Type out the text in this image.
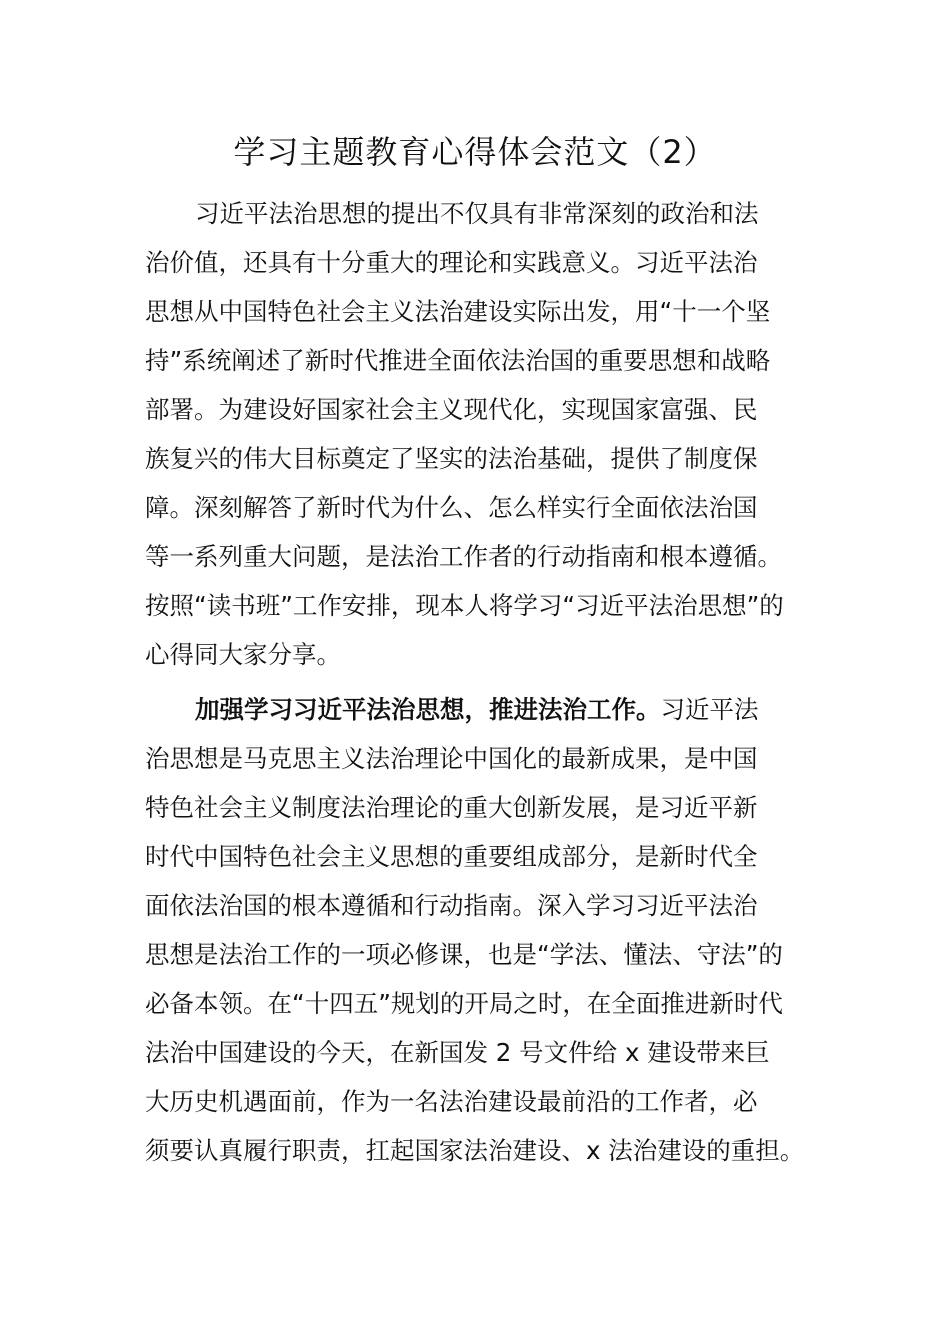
学习主题教育心得体会范文（2）
习近平法治思想的提出不仅具有非常深刻的政治和法
治价值，还具有十分重大的理论和实践意义。习近平法治
思想从中国特色社会主义法治建设实际出发，用“十一个坚
持”系统阐述了新时代推进全面依法治国的重要思想和战略
部署。为建设好国家社会主义现代化，实现国家富强、民
族复兴的伟大目标奠定了坚实的法治基础，提供了制度保
障。深刻解答了新时代为什么、怎么样实行全面依法治国
等一系列重大问题，是法治工作者的行动指南和根本遵循。
按照“读书班”工作安排，现本人将学习“习近平法治思想”的
心得同大家分享。
加强学习习近平法治思想，推进法治工作。习近平法
治思想是马克思主义法治理论中国化的最新成果，是中国
特色社会主义制度法治理论的重大创新发展，是习近平新
时代中国特色社会主义思想的重要组成部分，是新时代全
面依法治国的根本遵循和行动指南。深入学习习近平法治
思想是法治工作的一项必修课，也是“学法、懂法、守法”的
必备本领。在“十四五”规划的开局之时，在全面推进新时代
法治中国建设的今天，在新国发 2 号文件给 x 建设带来巨
大历史机遇面前，作为一名法治建设最前沿的工作者，必
须要认真履行职责，扛起国家法治建设、x 法治建设的重担。
